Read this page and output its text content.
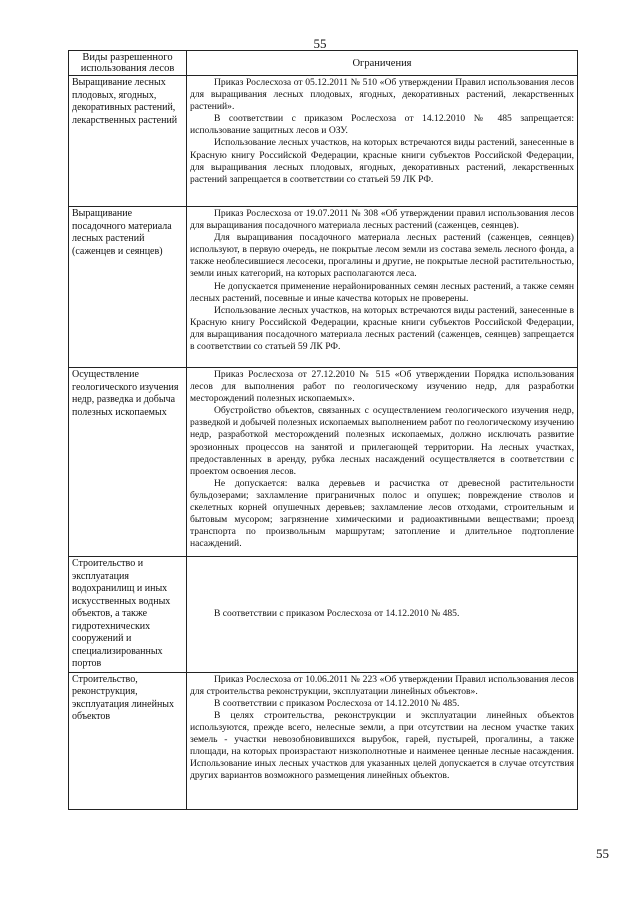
55
Виды разрешенного использования лесов	Ограничения
Выращивание лесных плодовых, ягодных, декоративных растений, лекарственных растений	Приказ Рослесхоза от 05.12.2011 № 510 «Об утверждении Правил использования лесов для выращивания лесных плодовых, ягодных, декоративных растений, лекарственных растений».

В соответствии с приказом Рослесхоза от 14.12.2010 № 485 запрещается: использование защитных лесов и ОЗУ.

Использование лесных участков, на которых встречаются виды растений, занесенные в Красную книгу Российской Федерации, красные книги субъектов Российской Федерации, для выращивания лесных плодовых, ягодных, декоративных растений, лекарственных растений запрещается в соответствии со статьей 59 ЛК РФ.

Выращивание посадочного материала лесных растений (саженцев и сеянцев)	Приказ Рослесхоза от 19.07.2011 № 308 «Об утверждении правил использования лесов для выращивания посадочного материала лесных растений (саженцев, сеянцев).

Для выращивания посадочного материала лесных растений (саженцев, сеянцев) используют, в первую очередь, не покрытые лесом земли из состава земель лесного фонда, а также необлесившиеся лесосеки, прогалины и другие, не покрытые лесной растительностью, земли иных категорий, на которых располагаются леса.

Не допускается применение нерайонированных семян лесных растений, а также семян лесных растений, посевные и иные качества которых не проверены.

Использование лесных участков, на которых встречаются виды растений, занесенные в Красную книгу Российской Федерации, красные книги субъектов Российской Федерации, для выращивания посадочного материала лесных растений (саженцев, сеянцев) запрещается в соответствии со статьей 59 ЛК РФ.

Осуществление геологического изучения недр, разведка и добыча полезных ископаемых	Приказ Рослесхоза от 27.12.2010 № 515 «Об утверждении Порядка использования лесов для выполнения работ по геологическому изучению недр, для разработки месторождений полезных ископаемых».

Обустройство объектов, связанных с осуществлением геологического изучения недр, разведкой и добычей полезных ископаемых выполнением работ по геологическому изучению недр, разработкой месторождений полезных ископаемых, должно исключать развитие эрозионных процессов на занятой и прилегающей территории. На лесных участках, предоставленных в аренду, рубка лесных насаждений осуществляется в соответствии с проектом освоения лесов.

Не допускается: валка деревьев и расчистка от древесной растительности бульдозерами; захламление приграничных полос и опушек; повреждение стволов и скелетных корней опушечных деревьев; захламление лесов отходами, строительным и бытовым мусором; загрязнение химическими и радиоактивными веществами; проезд транспорта по произвольным маршрутам; затопление и длительное подтопление насаждений.

Строительство и эксплуатация водохранилищ и иных искусственных водных объектов, а также гидротехнических сооружений и специализированных портов	В соответствии с приказом Рослесхоза от 14.12.2010 № 485.

Строительство, реконструкция, эксплуатация линейных объектов	Приказ Рослесхоза от 10.06.2011 № 223 «Об утверждении Правил использования лесов для строительства реконструкции, эксплуатации линейных объектов».

В соответствии с приказом Рослесхоза от 14.12.2010 № 485.

В целях строительства, реконструкции и эксплуатации линейных объектов используются, прежде всего, нелесные земли, а при отсутствии на лесном участке таких земель - участки невозобновившихся вырубок, гарей, пустырей, прогалины, а также площади, на которых произрастают низкополнотные и наименее ценные лесные насаждения. Использование иных лесных участков для указанных целей допускается в случае отсутствия других вариантов возможного размещения линейных объектов.

55
